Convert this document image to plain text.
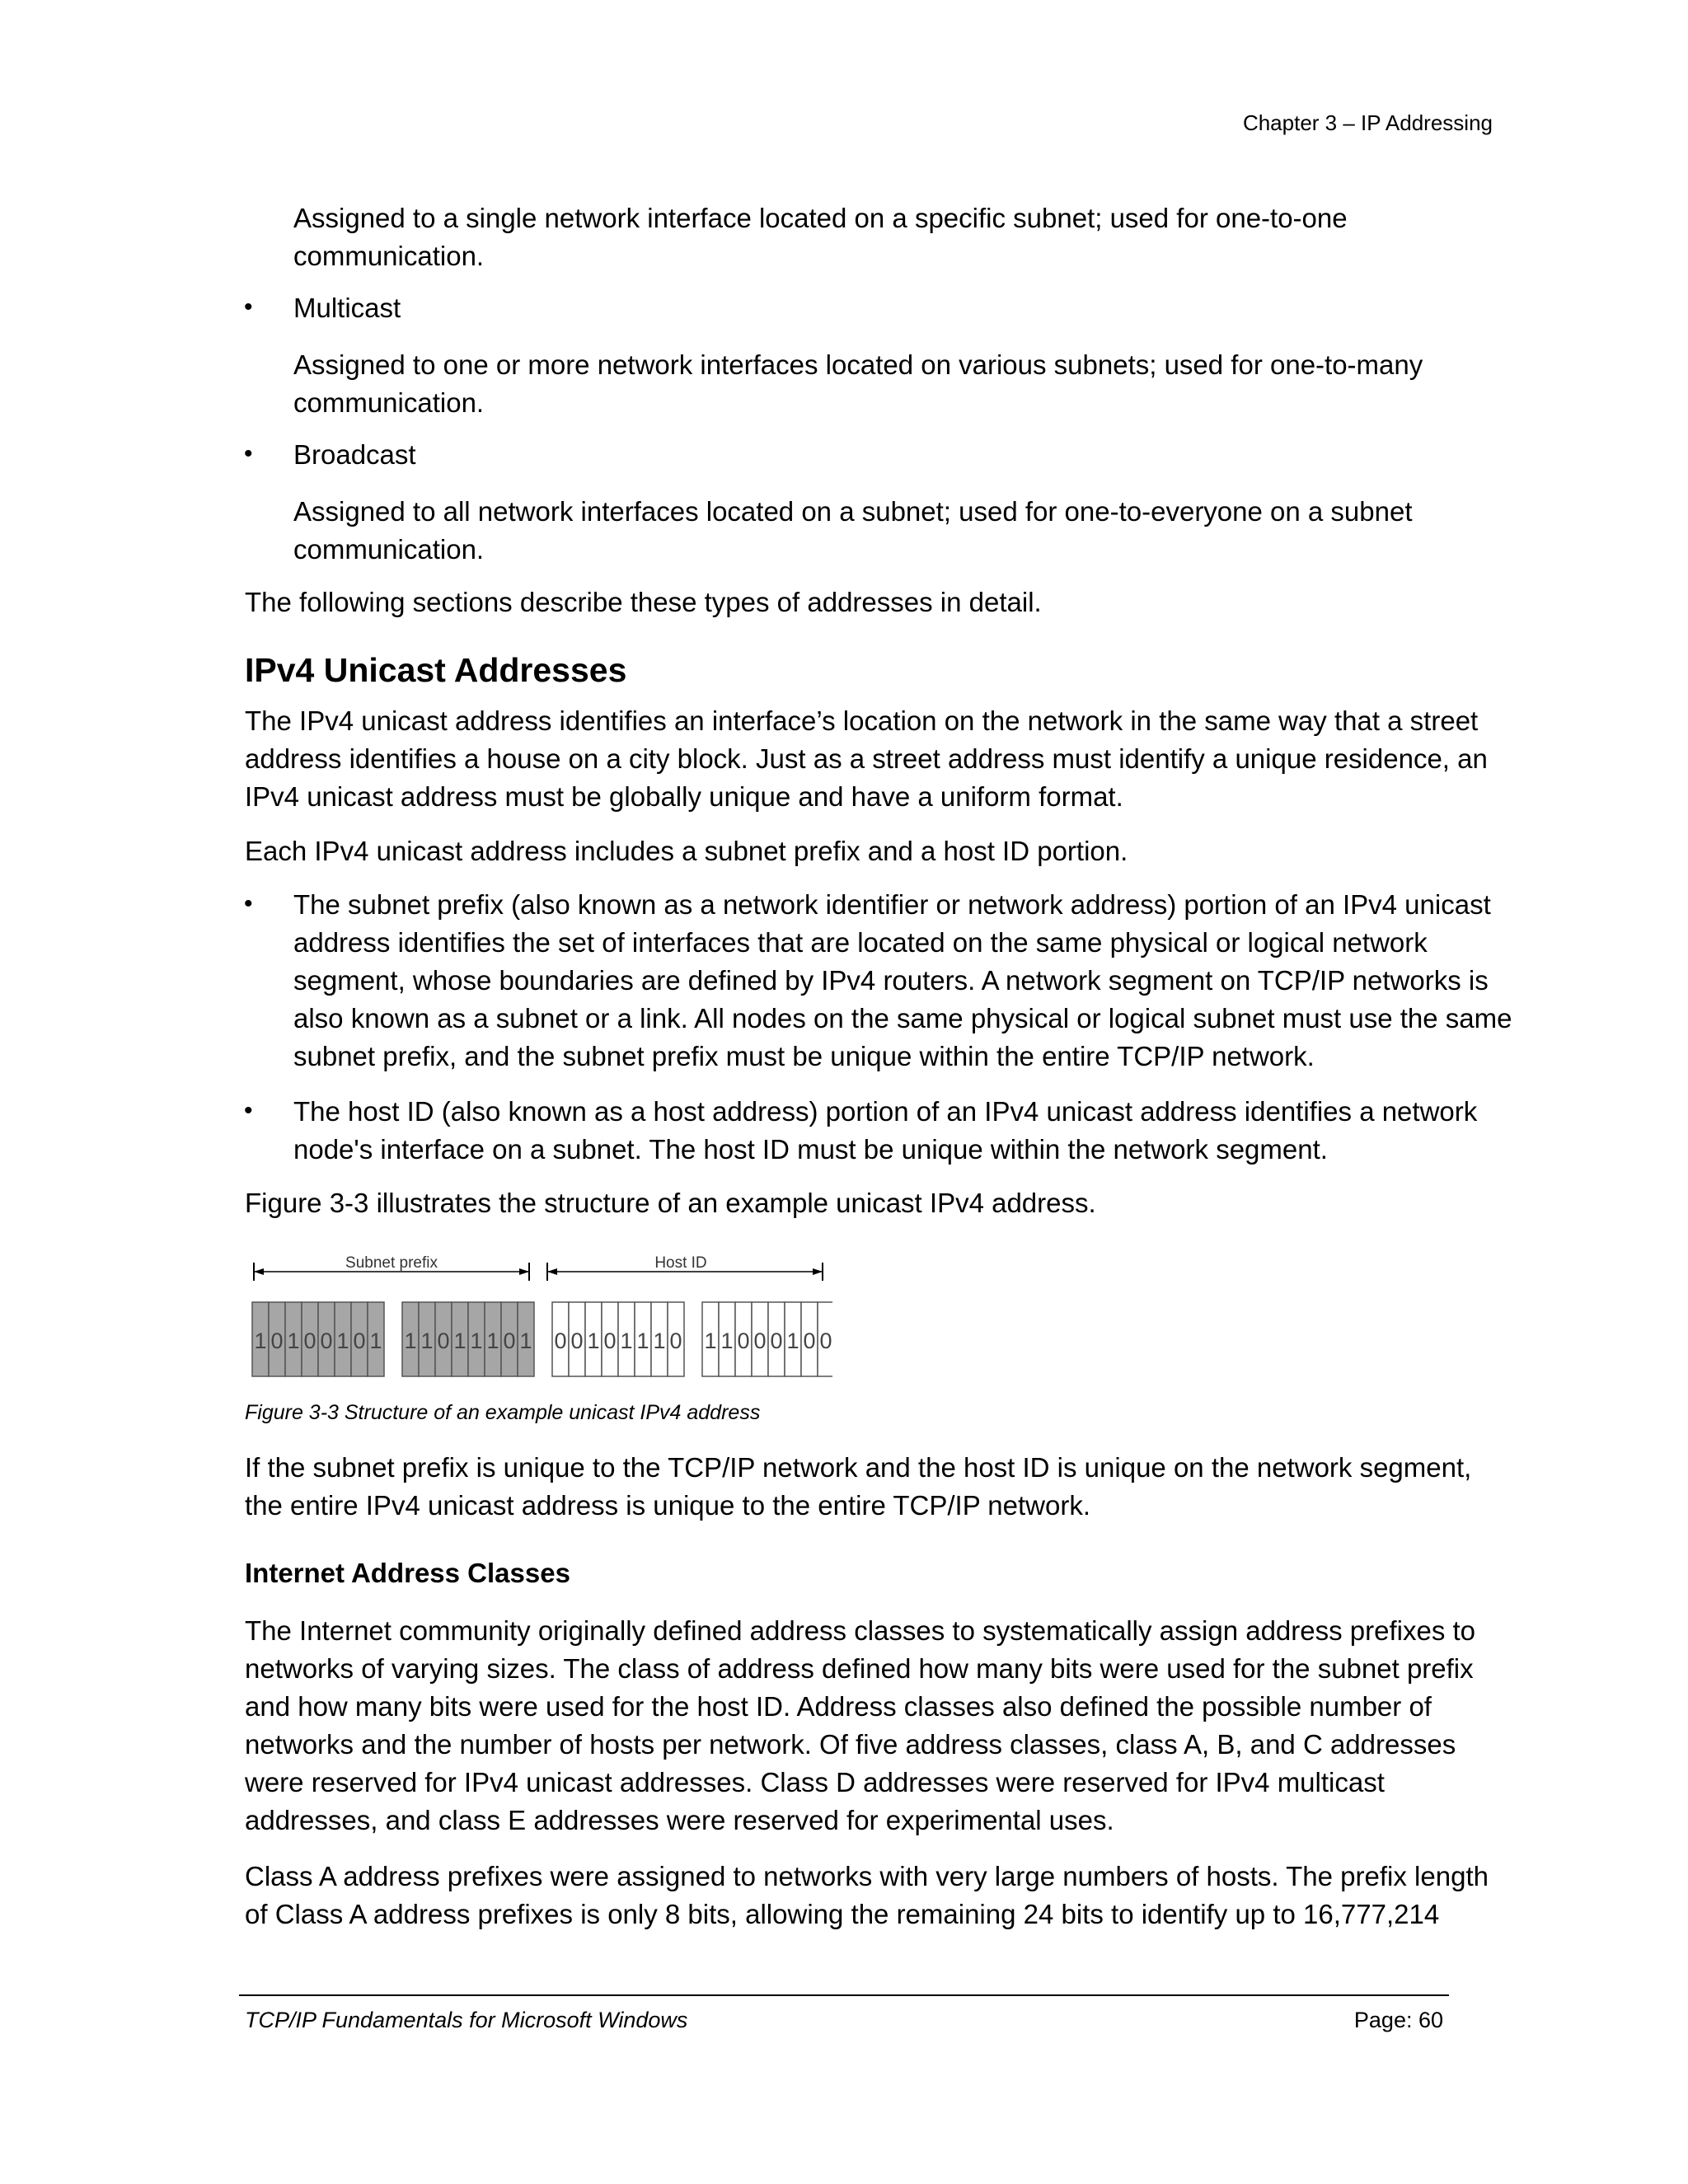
Chapter 3 – IP Addressing

Assigned to a single network interface located on a specific subnet; used for one-to-one communication.

• Multicast

Assigned to one or more network interfaces located on various subnets; used for one-to-many communication.

• Broadcast

Assigned to all network interfaces located on a subnet; used for one-to-everyone on a subnet communication.

The following sections describe these types of addresses in detail.

IPv4 Unicast Addresses

The IPv4 unicast address identifies an interface’s location on the network in the same way that a street address identifies a house on a city block. Just as a street address must identify a unique residence, an IPv4 unicast address must be globally unique and have a uniform format.

Each IPv4 unicast address includes a subnet prefix and a host ID portion.

• The subnet prefix (also known as a network identifier or network address) portion of an IPv4 unicast address identifies the set of interfaces that are located on the same physical or logical network segment, whose boundaries are defined by IPv4 routers. A network segment on TCP/IP networks is also known as a subnet or a link. All nodes on the same physical or logical subnet must use the same subnet prefix, and the subnet prefix must be unique within the entire TCP/IP network.

• The host ID (also known as a host address) portion of an IPv4 unicast address identifies a network node's interface on a subnet. The host ID must be unique within the network segment.

Figure 3-3 illustrates the structure of an example unicast IPv4 address.

Subnet prefix	Host ID
1 0 1 0 0 1 0 1 1 1 0 1 1 1 0 1 0 0 1 0 1 1 1 0 1 1 0 0 0 1 0 0
Figure 3-3 Structure of an example unicast IPv4 address

If the subnet prefix is unique to the TCP/IP network and the host ID is unique on the network segment, the entire IPv4 unicast address is unique to the entire TCP/IP network.

Internet Address Classes

The Internet community originally defined address classes to systematically assign address prefixes to networks of varying sizes. The class of address defined how many bits were used for the subnet prefix and how many bits were used for the host ID. Address classes also defined the possible number of networks and the number of hosts per network. Of five address classes, class A, B, and C addresses were reserved for IPv4 unicast addresses. Class D addresses were reserved for IPv4 multicast addresses, and class E addresses were reserved for experimental uses.

Class A address prefixes were assigned to networks with very large numbers of hosts. The prefix length of Class A address prefixes is only 8 bits, allowing the remaining 24 bits to identify up to 16,777,214

TCP/IP Fundamentals for Microsoft Windows	Page: 60
